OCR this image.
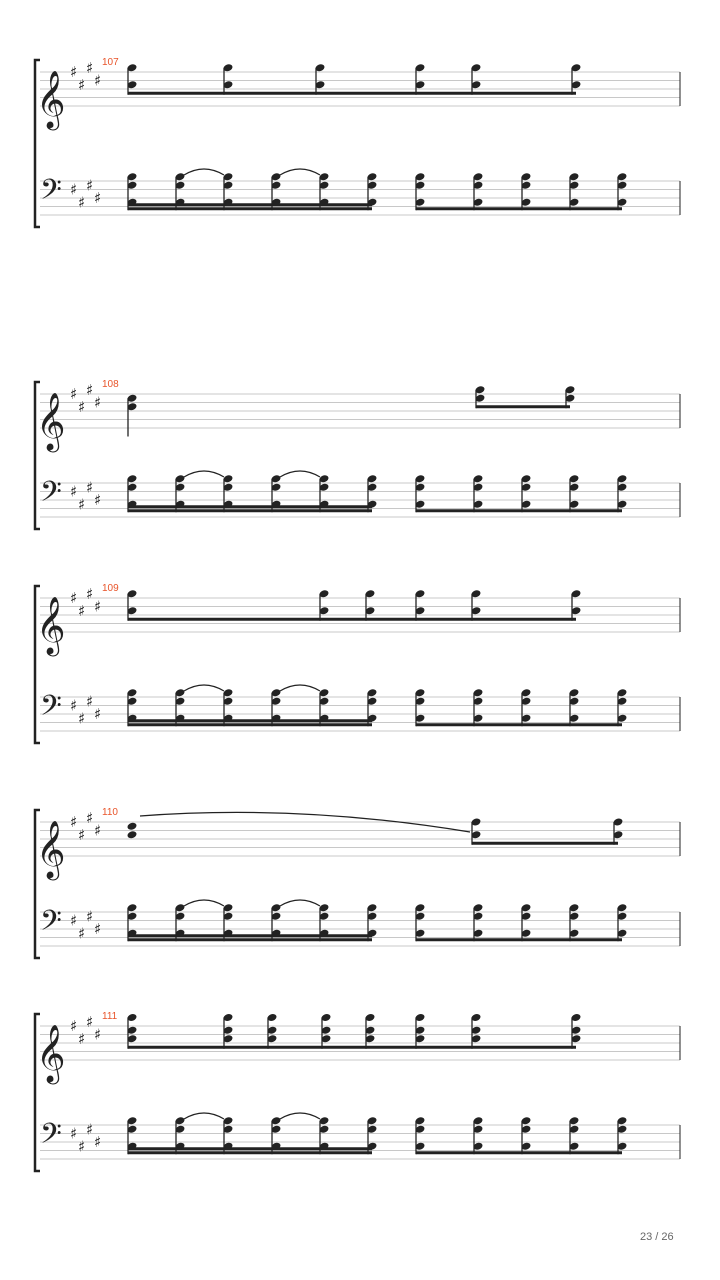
𝄞
𝄢
♯
♯
♯
♯
♯
♯
♯
♯
107
𝄞
𝄢
♯
♯
♯
♯
♯
♯
♯
♯
108
𝄞
𝄢
♯
♯
♯
♯
♯
♯
♯
♯
109
𝄞
𝄢
♯
♯
♯
♯
♯
♯
♯
♯
110
𝄞
𝄢
♯
♯
♯
♯
♯
♯
♯
♯
111
23 / 26
